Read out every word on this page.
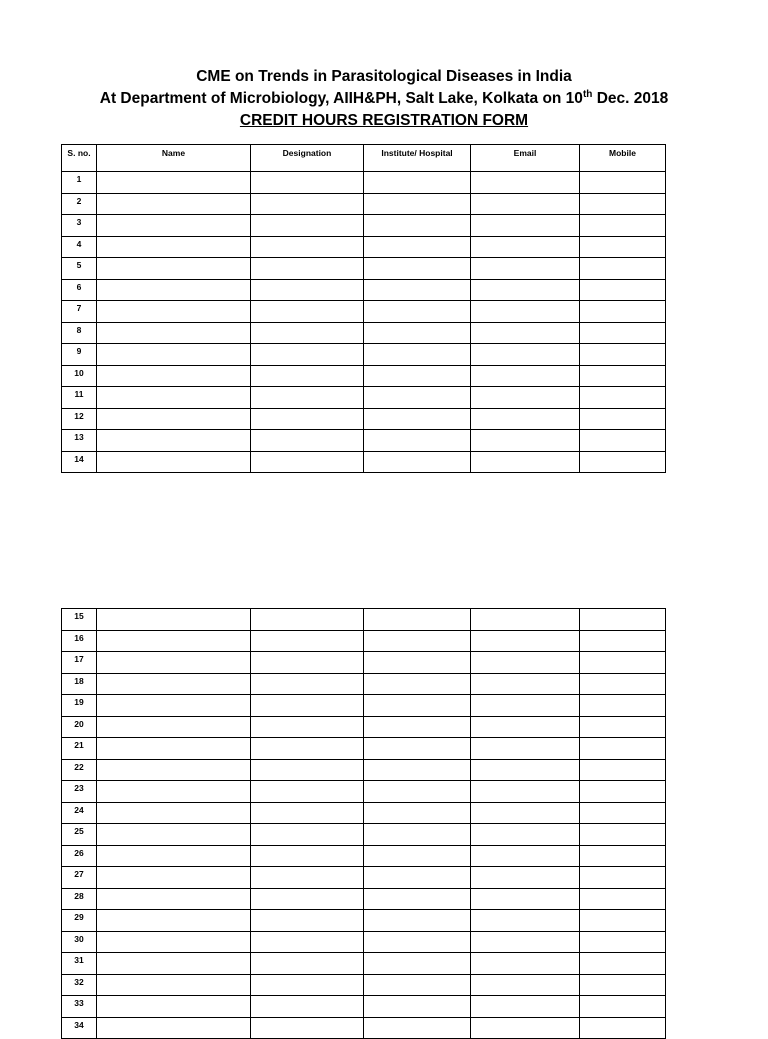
CME on Trends in Parasitological Diseases in India
At Department of Microbiology, AIIH&PH, Salt Lake, Kolkata on 10th Dec. 2018
CREDIT HOURS REGISTRATION FORM
S. no.	Name	Designation	Institute/ Hospital	Email	Mobile
1					
2					
3					
4					
5					
6					
7					
8					
9					
10					
11					
12					
13					
14					
15					
16					
17					
18					
19					
20					
21					
22					
23					
24					
25					
26					
27					
28					
29					
30					
31					
32					
33					
34					
